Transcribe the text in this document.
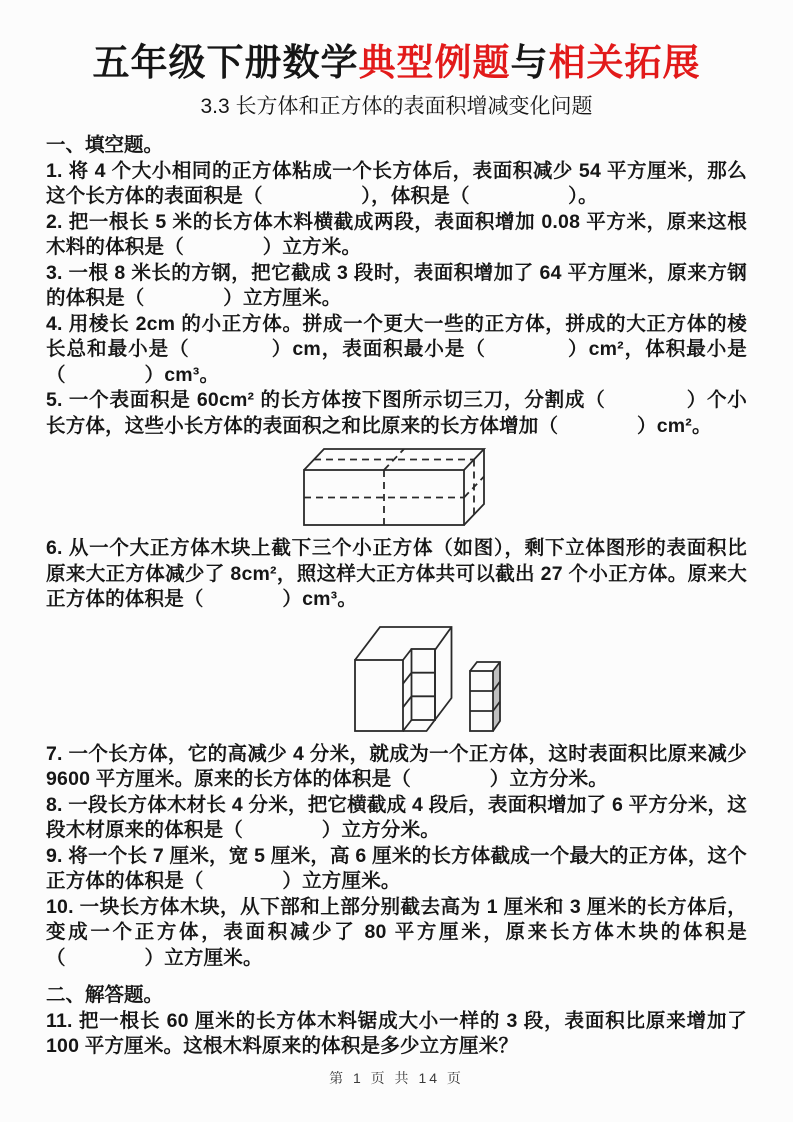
五年级下册数学典型例题与相关拓展
3.3 长方体和正方体的表面积增减变化问题
一、填空题。

1. 将 4 个大小相同的正方体粘成一个长方体后，表面积减少 54 平方厘米，那么这个长方体的表面积是（　　　　　），体积是（　　　　　）。

2. 把一根长 5 米的长方体木料横截成两段，表面积增加 0.08 平方米，原来这根木料的体积是（　　　　）立方米。

3. 一根 8 米长的方钢，把它截成 3 段时，表面积增加了 64 平方厘米，原来方钢的体积是（　　　　）立方厘米。

4. 用棱长 2cm 的小正方体。拼成一个更大一些的正方体，拼成的大正方体的棱长总和最小是（　　　　）cm，表面积最小是（　　　　）cm²，体积最小是（　　　　）cm³。

5. 一个表面积是 60cm² 的长方体按下图所示切三刀，分割成（　　　　）个小长方体，这些小长方体的表面积之和比原来的长方体增加（　　　　）cm²。

6. 从一个大正方体木块上截下三个小正方体（如图），剩下立体图形的表面积比原来大正方体减少了 8cm²，照这样大正方体共可以截出 27 个小正方体。原来大正方体的体积是（　　　　）cm³。

7. 一个长方体，它的高减少 4 分米，就成为一个正方体，这时表面积比原来减少 9600 平方厘米。原来的长方体的体积是（　　　　）立方分米。

8. 一段长方体木材长 4 分米，把它横截成 4 段后，表面积增加了 6 平方分米，这段木材原来的体积是（　　　　）立方分米。

9. 将一个长 7 厘米，宽 5 厘米，高 6 厘米的长方体截成一个最大的正方体，这个正方体的体积是（　　　　）立方厘米。

10. 一块长方体木块，从下部和上部分别截去高为 1 厘米和 3 厘米的长方体后，变成一个正方体，表面积减少了 80 平方厘米，原来长方体木块的体积是（　　　　）立方厘米。

二、解答题。

11. 把一根长 60 厘米的长方体木料锯成大小一样的 3 段，表面积比原来增加了 100 平方厘米。这根木料原来的体积是多少立方厘米？

第 1 页 共 14 页
